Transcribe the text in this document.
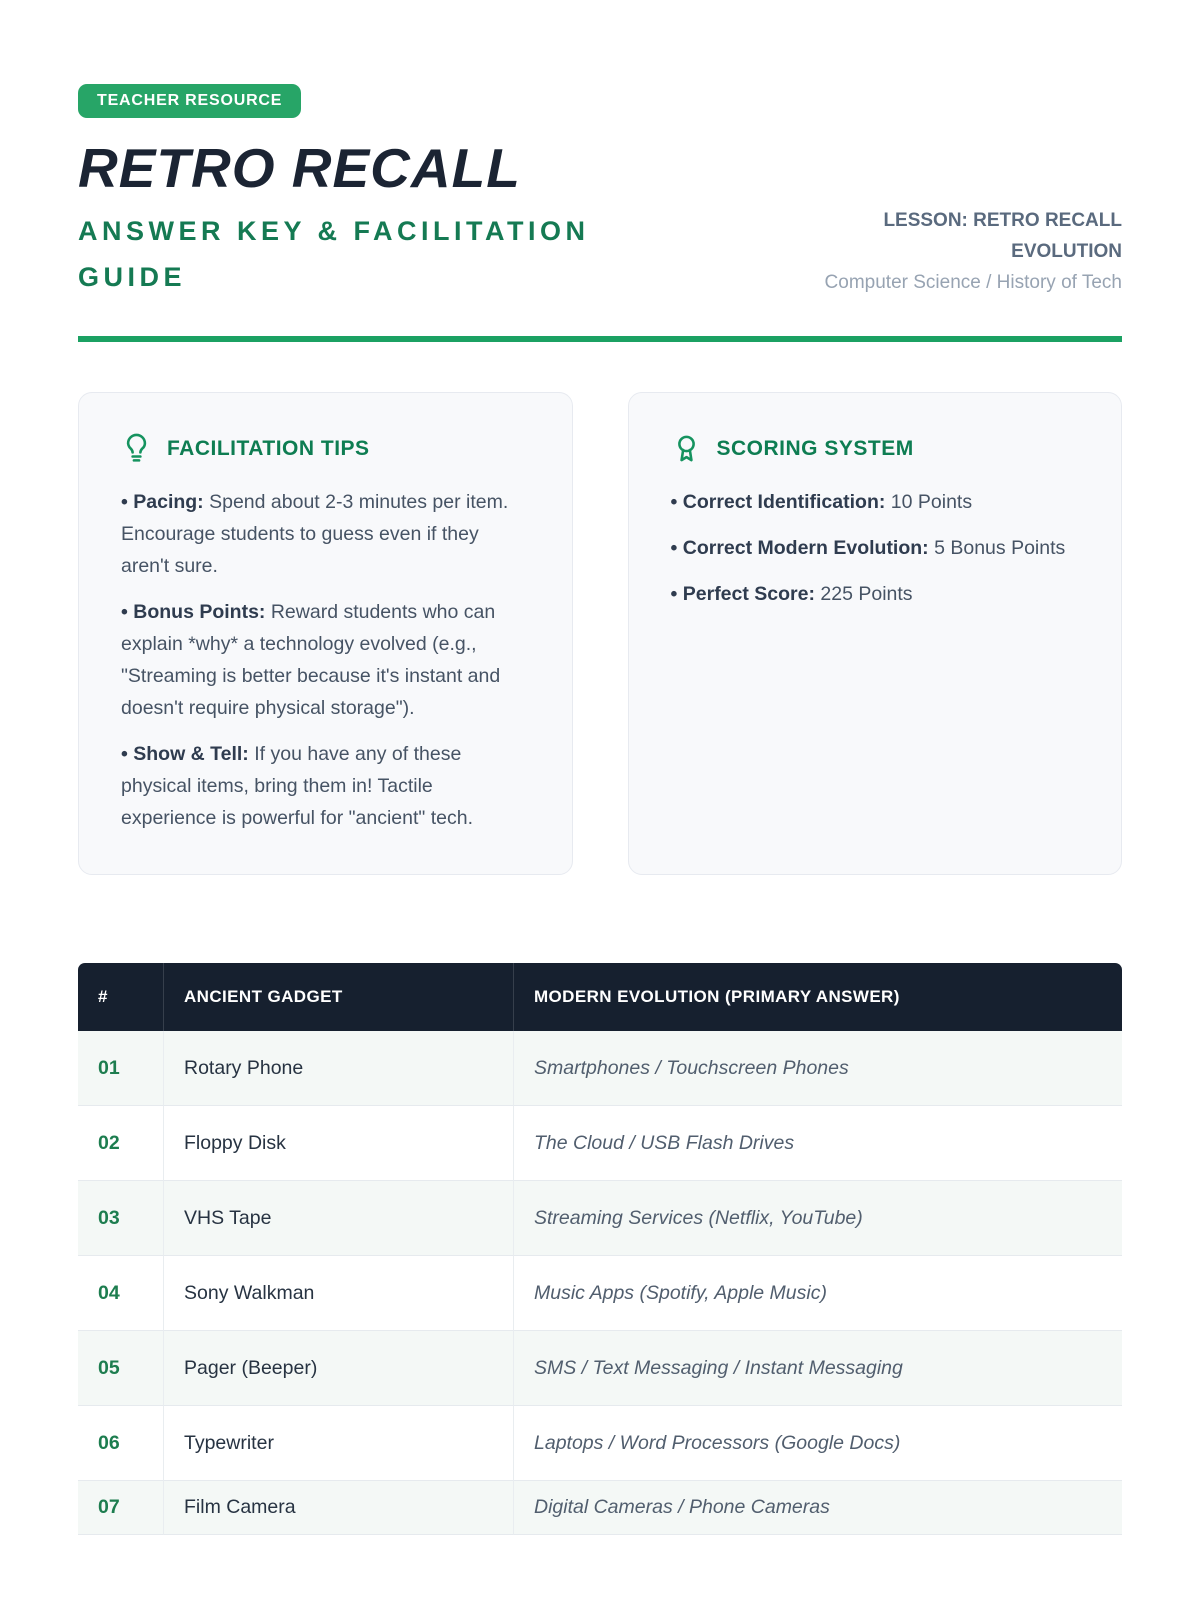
TEACHER RESOURCE
RETRO RECALL
ANSWER KEY & FACILITATION GUIDE
LESSON: RETRO RECALL
EVOLUTION
Computer Science / History of Tech
FACILITATION TIPS

• Pacing: Spend about 2-3 minutes per item. Encourage students to guess even if they aren't sure.

• Bonus Points: Reward students who can explain *why* a technology evolved (e.g., "Streaming is better because it's instant and doesn't require physical storage").

• Show & Tell: If you have any of these physical items, bring them in! Tactile experience is powerful for "ancient" tech.

SCORING SYSTEM

• Correct Identification: 10 Points

• Correct Modern Evolution: 5 Bonus Points

• Perfect Score: 225 Points

#	ANCIENT GADGET	MODERN EVOLUTION (PRIMARY ANSWER)
01	Rotary Phone	Smartphones / Touchscreen Phones
02	Floppy Disk	The Cloud / USB Flash Drives
03	VHS Tape	Streaming Services (Netflix, YouTube)
04	Sony Walkman	Music Apps (Spotify, Apple Music)
05	Pager (Beeper)	SMS / Text Messaging / Instant Messaging
06	Typewriter	Laptops / Word Processors (Google Docs)
07	Film Camera	Digital Cameras / Phone Cameras
